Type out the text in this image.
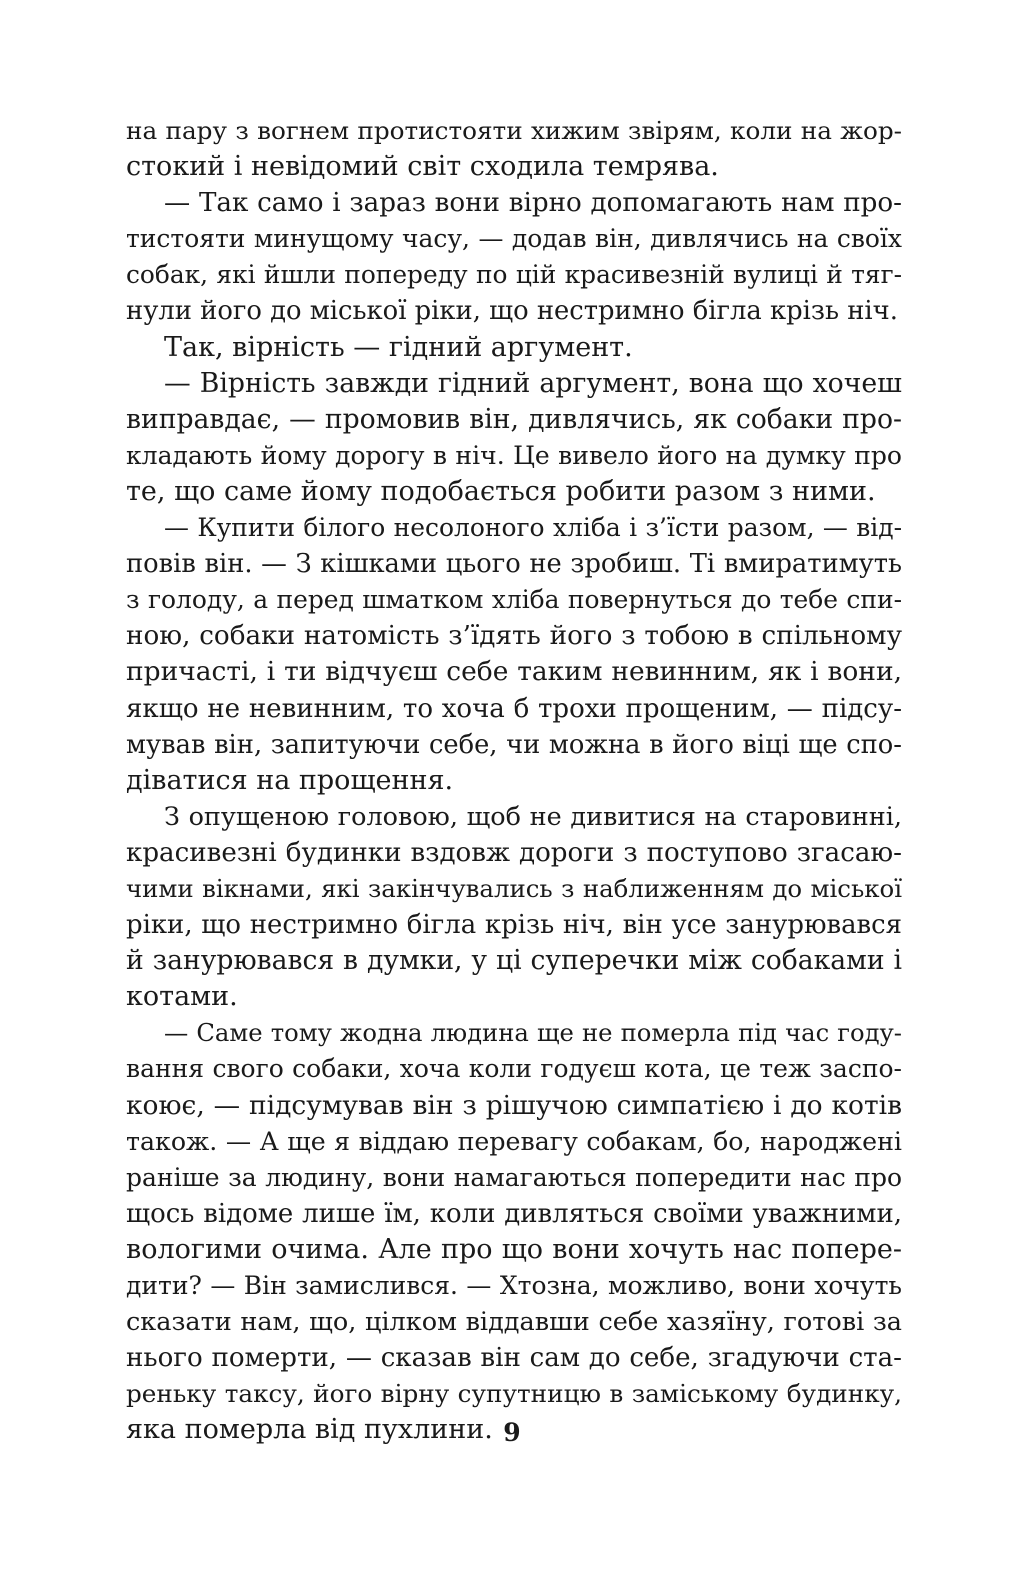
на пару з вогнем протистояти хижим звірям, коли на жор-
стокий і невідомий світ сходила темрява.
— Так само і зараз вони вірно допомагають нам про-
тистояти минущому часу, — додав він, дивлячись на своїх
собак, які йшли попереду по цій красивезній вулиці й тяг-
нули його до міської ріки, що нестримно бігла крізь ніч.
Так, вірність — гідний аргумент.
— Вірність завжди гідний аргумент, вона що хочеш
виправдає, — промовив він, дивлячись, як собаки про-
кладають йому дорогу в ніч. Це вивело його на думку про
те, що саме йому подобається робити разом з ними.
— Купити білого несолоного хліба і з’їсти разом, — від-
повів він. — З кішками цього не зробиш. Ті вмиратимуть
з голоду, а перед шматком хліба повернуться до тебе спи-
ною, собаки натомість з’їдять його з тобою в спільному
причасті, і ти відчуєш себе таким невинним, як і вони,
якщо не невинним, то хоча б трохи прощеним, — підсу-
мував він, запитуючи себе, чи можна в його віці ще спо-
діватися на прощення.
З опущеною головою, щоб не дивитися на старовинні,
красивезні будинки вздовж дороги з поступово згасаю-
чими вікнами, які закінчувались з наближенням до міської
ріки, що нестримно бігла крізь ніч, він усе занурювався
й занурювався в думки, у ці суперечки між собаками і
котами.
— Саме тому жодна людина ще не померла під час году-
вання свого собаки, хоча коли годуєш кота, це теж заспо-
коює, — підсумував він з рішучою симпатією і до котів
також. — А ще я віддаю перевагу собакам, бо, народжені
раніше за людину, вони намагаються попередити нас про
щось відоме лише їм, коли дивляться своїми уважними,
вологими очима. Але про що вони хочуть нас попере-
дити? — Він замислився. — Хтозна, можливо, вони хочуть
сказати нам, що, цілком віддавши себе хазяїну, готові за
нього померти, — сказав він сам до себе, згадуючи ста-
реньку таксу, його вірну супутницю в заміському будинку,
яка померла від пухлини. 9
